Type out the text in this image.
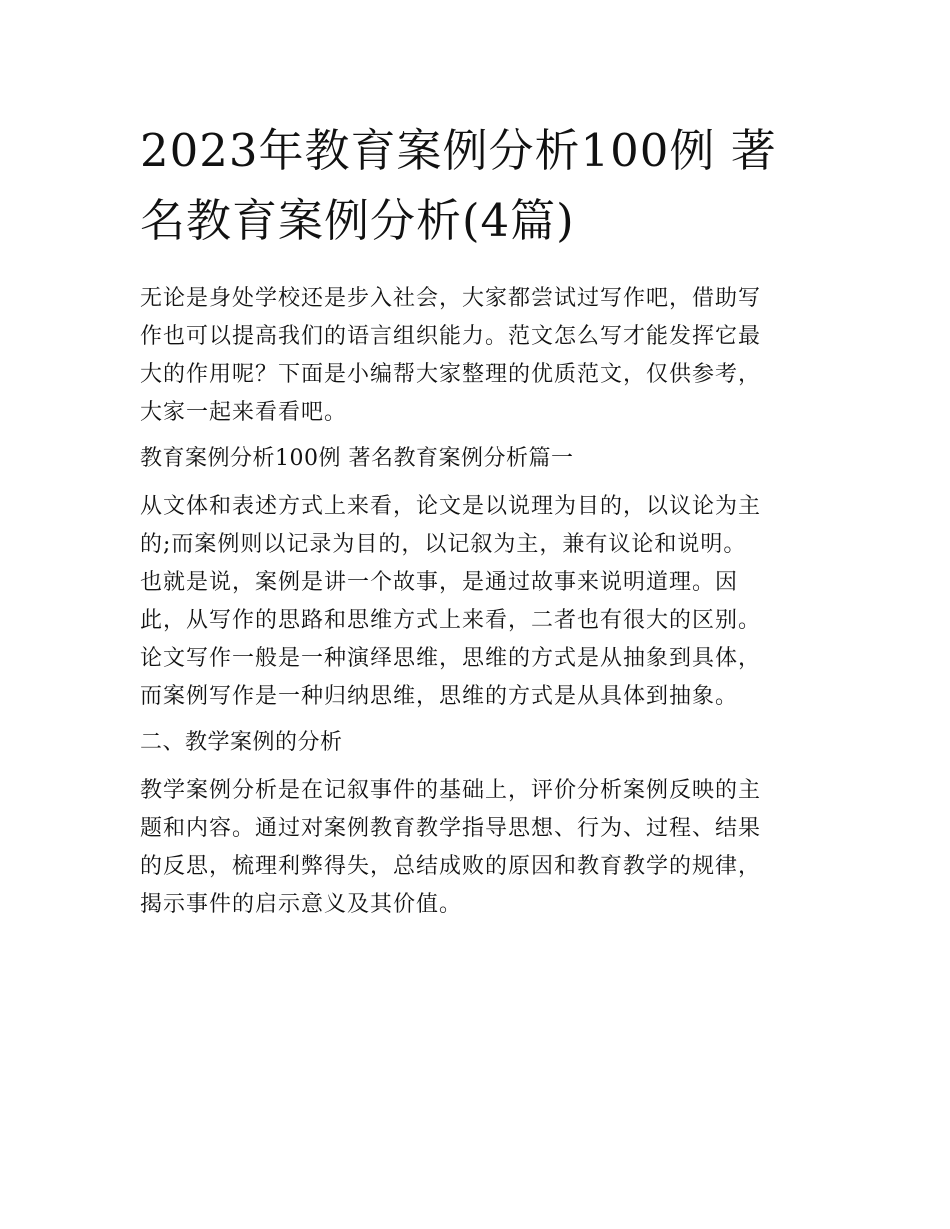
2023年教育案例分析100例 著
名教育案例分析(4篇)

无论是身处学校还是步入社会，大家都尝试过写作吧，借助写
作也可以提高我们的语言组织能力。范文怎么写才能发挥它最
大的作用呢？下面是小编帮大家整理的优质范文，仅供参考，
大家一起来看看吧。

教育案例分析100例 著名教育案例分析篇一

从文体和表述方式上来看，论文是以说理为目的，以议论为主
的;而案例则以记录为目的，以记叙为主，兼有议论和说明。
也就是说，案例是讲一个故事，是通过故事来说明道理。因
此，从写作的思路和思维方式上来看，二者也有很大的区别。
论文写作一般是一种演绎思维，思维的方式是从抽象到具体，
而案例写作是一种归纳思维，思维的方式是从具体到抽象。

二、教学案例的分析

教学案例分析是在记叙事件的基础上，评价分析案例反映的主
题和内容。通过对案例教育教学指导思想、行为、过程、结果
的反思，梳理利弊得失，总结成败的原因和教育教学的规律，
揭示事件的启示意义及其价值。
